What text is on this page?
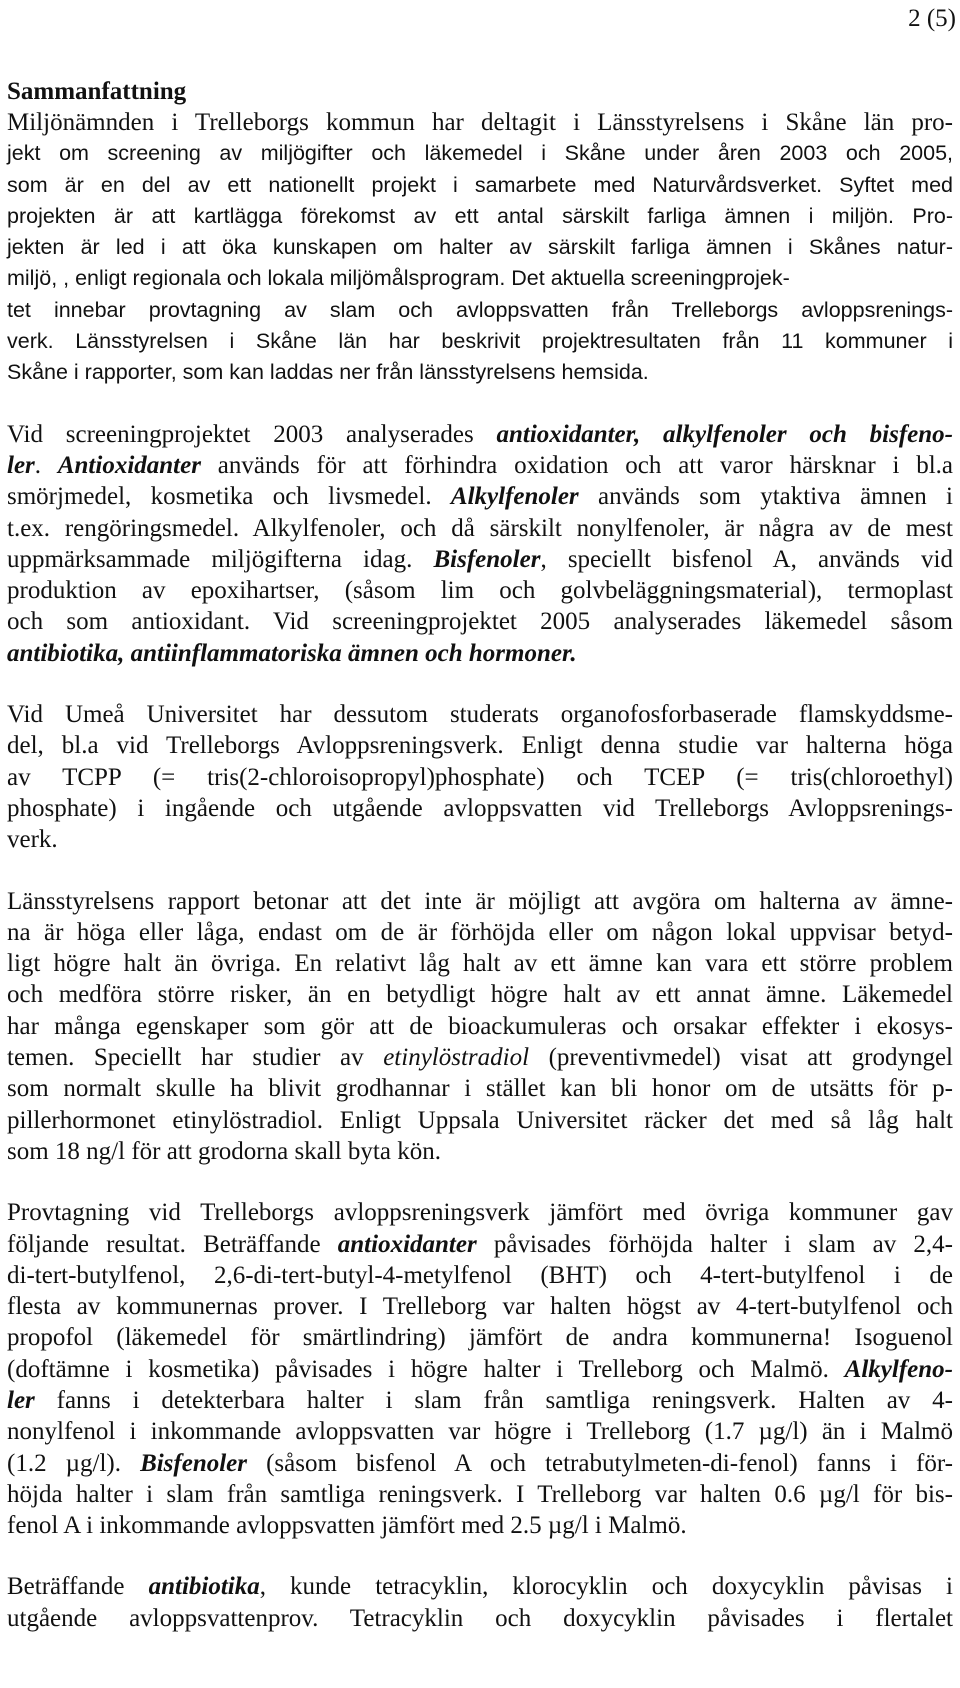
2 (5)
Sammanfattning
Miljönämnden i Trelleborgs kommun har deltagit i Länsstyrelsens i Skåne län pro-
jekt om screening av miljögifter och läkemedel i Skåne under åren 2003 och 2005,
som är en del av ett nationellt projekt i samarbete med Naturvårdsverket. Syftet med
projekten är att kartlägga förekomst av ett antal särskilt farliga ämnen i miljön. Pro-
jekten är led i att öka kunskapen om halter av särskilt farliga ämnen i Skånes natur-
miljö, , enligt regionala och lokala miljömålsprogram. Det aktuella screeningprojek-
tet innebar provtagning av slam och avloppsvatten från Trelleborgs avloppsrenings-
verk. Länsstyrelsen i Skåne län har beskrivit projektresultaten från 11 kommuner i
Skåne i rapporter, som kan laddas ner från länsstyrelsens hemsida.
Vid screeningprojektet 2003 analyserades antioxidanter, alkylfenoler och bisfeno-
ler. Antioxidanter används för att förhindra oxidation och att varor härsknar i bl.a
smörjmedel, kosmetika och livsmedel. Alkylfenoler används som ytaktiva ämnen i
t.ex. rengöringsmedel. Alkylfenoler, och då särskilt nonylfenoler, är några av de mest
uppmärksammade miljögifterna idag. Bisfenoler, speciellt bisfenol A, används vid
produktion av epoxihartser, (såsom lim och golvbeläggningsmaterial), termoplast
och som antioxidant. Vid screeningprojektet 2005 analyserades läkemedel såsom
antibiotika, antiinflammatoriska ämnen och hormoner.
Vid Umeå Universitet har dessutom studerats organofosforbaserade flamskyddsme-
del, bl.a vid Trelleborgs Avloppsreningsverk. Enligt denna studie var halterna höga
av TCPP (= tris(2-chloroisopropyl)phosphate) och TCEP (= tris(chloroethyl)
phosphate) i ingående och utgående avloppsvatten vid Trelleborgs Avloppsrenings-
verk.
Länsstyrelsens rapport betonar att det inte är möjligt att avgöra om halterna av ämne-
na är höga eller låga, endast om de är förhöjda eller om någon lokal uppvisar betyd-
ligt högre halt än övriga. En relativt låg halt av ett ämne kan vara ett större problem
och medföra större risker, än en betydligt högre halt av ett annat ämne. Läkemedel
har många egenskaper som gör att de bioackumuleras och orsakar effekter i ekosys-
temen. Speciellt har studier av etinylöstradiol (preventivmedel) visat att grodyngel
som normalt skulle ha blivit grodhannar i stället kan bli honor om de utsätts för p-
pillerhormonet etinylöstradiol. Enligt Uppsala Universitet räcker det med så låg halt
som 18 ng/l för att grodorna skall byta kön.
Provtagning vid Trelleborgs avloppsreningsverk jämfört med övriga kommuner gav
följande resultat. Beträffande antioxidanter påvisades förhöjda halter i slam av 2,4-
di-tert-butylfenol, 2,6-di-tert-butyl-4-metylfenol (BHT) och 4-tert-butylfenol i de
flesta av kommunernas prover. I Trelleborg var halten högst av 4-tert-butylfenol och
propofol (läkemedel för smärtlindring) jämfört de andra kommunerna! Isoguenol
(doftämne i kosmetika) påvisades i högre halter i Trelleborg och Malmö. Alkylfeno-
ler fanns i detekterbara halter i slam från samtliga reningsverk. Halten av 4-
nonylfenol i inkommande avloppsvatten var högre i Trelleborg (1.7 µg/l) än i Malmö
(1.2 µg/l). Bisfenoler (såsom bisfenol A och tetrabutylmeten-di-fenol) fanns i för-
höjda halter i slam från samtliga reningsverk. I Trelleborg var halten 0.6 µg/l för bis-
fenol A i inkommande avloppsvatten jämfört med 2.5 µg/l i Malmö.
Beträffande antibiotika, kunde tetracyklin, klorocyklin och doxycyklin påvisas i
utgående avloppsvattenprov. Tetracyklin och doxycyklin påvisades i flertalet
